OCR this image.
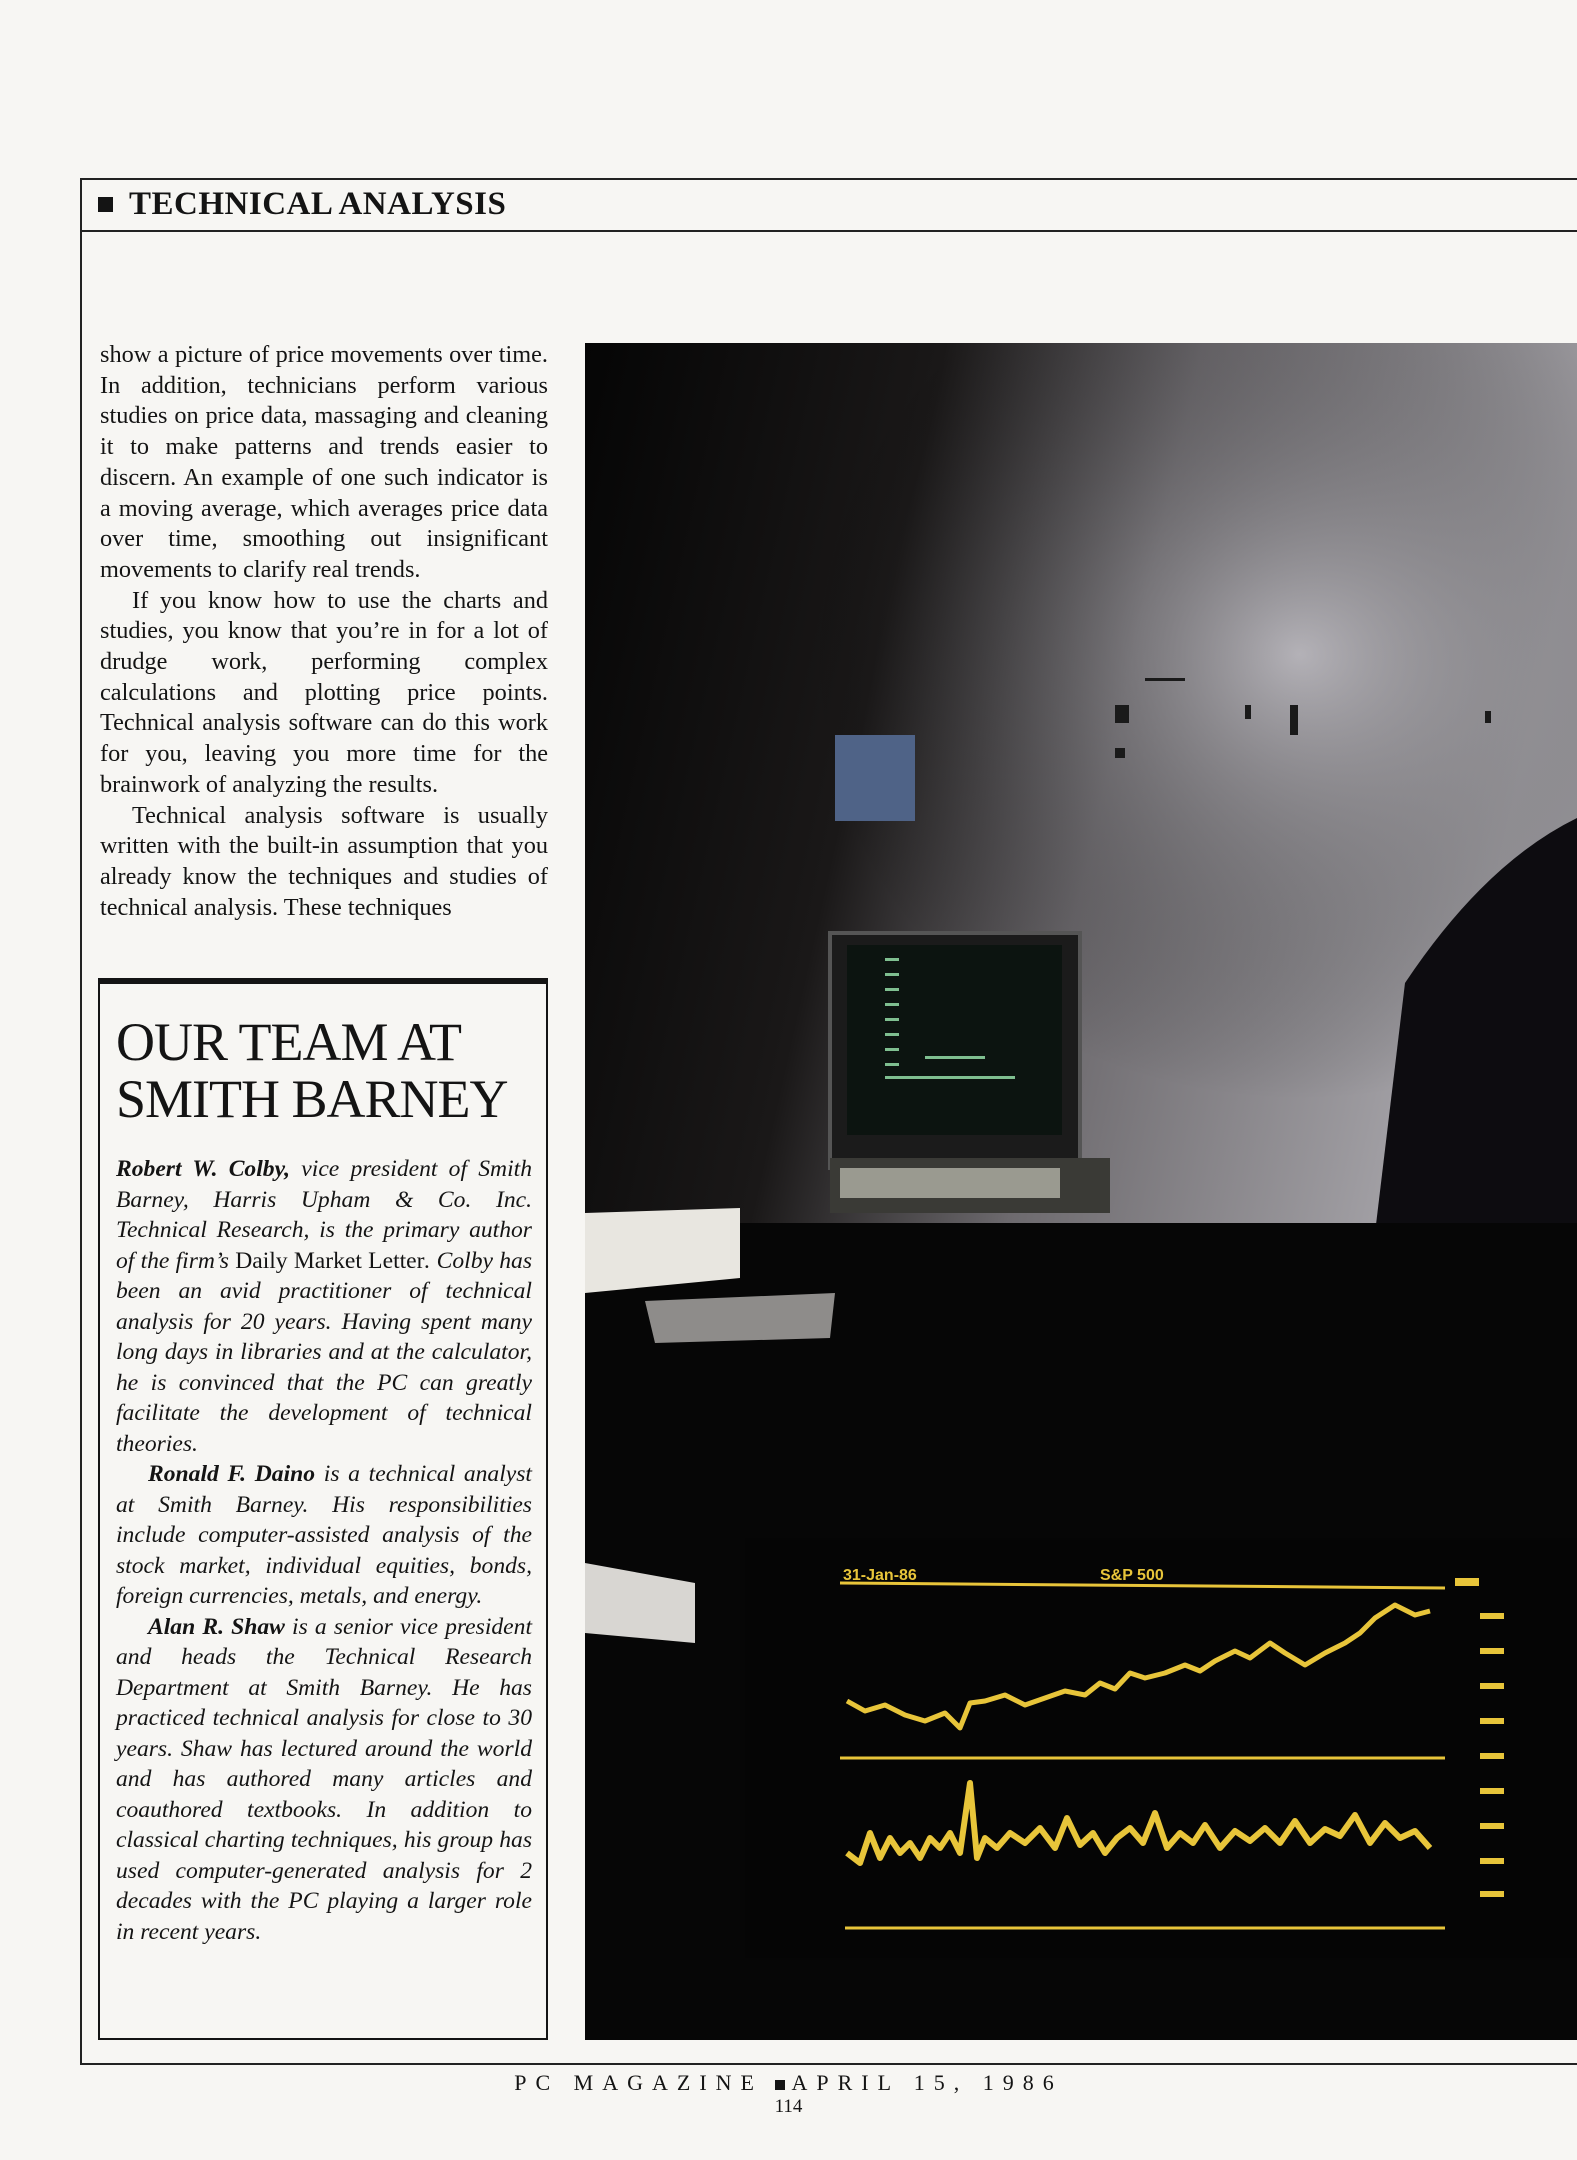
TECHNICAL ANALYSIS

show a picture of price movements over time. In addition, technicians perform various studies on price data, massaging and cleaning it to make patterns and trends easier to discern. An example of one such indicator is a moving average, which averages price data over time, smoothing out insignificant movements to clarify real trends.

If you know how to use the charts and studies, you know that you’re in for a lot of drudge work, performing complex calculations and plotting price points. Technical analysis software can do this work for you, leaving you more time for the brainwork of analyzing the results.

Technical analysis software is usually written with the built-in assumption that you already know the techniques and studies of technical analysis. These techniques

OUR TEAM AT SMITH BARNEY

Robert W. Colby, vice president of Smith Barney, Harris Upham & Co. Inc. Technical Research, is the primary author of the firm’s Daily Market Letter. Colby has been an avid practitioner of technical analysis for 20 years. Having spent many long days in libraries and at the calculator, he is convinced that the PC can greatly facilitate the development of technical theories.

Ronald F. Daino is a technical analyst at Smith Barney. His responsibilities include computer-assisted analysis of the stock market, individual equities, bonds, foreign currencies, metals, and energy.

Alan R. Shaw is a senior vice president and heads the Technical Research Department at Smith Barney. He has practiced technical analysis for close to 30 years. Shaw has lectured around the world and has authored many articles and coauthored textbooks. In addition to classical charting techniques, his group has used computer-generated analysis for 2 decades with the PC playing a larger role in recent years.

31-Jan-86	S&P 500
PC MAGAZINE APRIL 15, 1986
114
